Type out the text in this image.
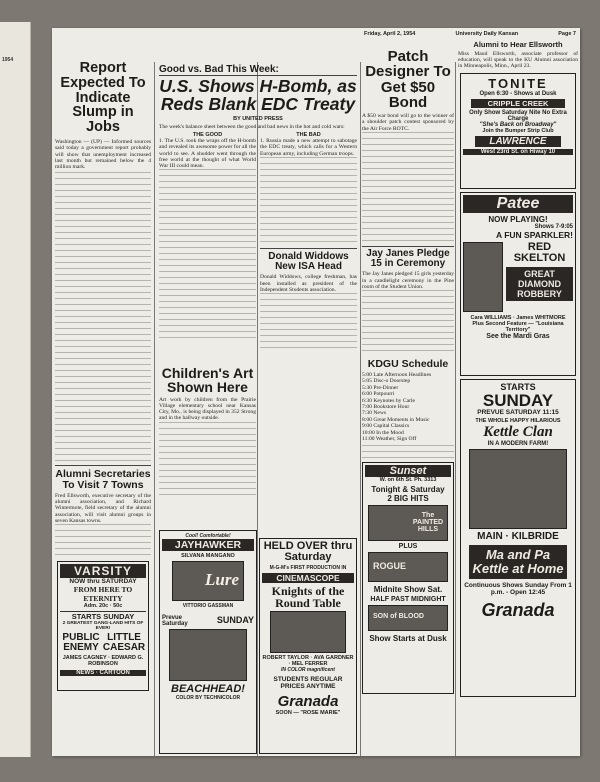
1954
Friday, April 2, 1954	University Daily Kansan	Page 7
Report Expected To Indicate Slump in Jobs

Washington — (UP) — Informed sources said today a government report probably will show that unemployment increased last month but remained below the 4 million mark.

Alumni Secretaries To Visit 7 Towns

Fred Ellsworth, executive secretary of the alumni association, and Richard Wintermote, field secretary of the alumni association, will visit alumni groups in seven Kansas towns.

VARSITY
NOW thru SATURDAY
FROM HERE TO ETERNITY
Adm. 20c · 50c
STARTS SUNDAY
2 GREATEST GANG-LAND HITS OF EVER!
PUBLIC ENEMY
LITTLE CAESAR
JAMES CAGNEY · EDWARD G. ROBINSON
NEWS · CARTOON
Good vs. Bad This Week:
U.S. Shows H-Bomb, as Reds Blank EDC Treaty
BY UNITED PRESS

The week's balance sheet between the good and bad news in the hot and cold wars:

THE GOOD

1. The U.S. took the wraps off the H-bomb and revealed its awesome power for all the world to see. A shudder went through the free world at the thought of what World War III could mean.

THE BAD

1. Russia made a new attempt to sabotage the EDC treaty, which calls for a Western European army, including German troops.

Donald Widdows New ISA Head

Donald Widdows, college freshman, has been installed as president of the Independent Students association.

Children's Art Shown Here

Art work by children from the Prairie Village elementary school near Kansas City, Mo., is being displayed in 352 Strong and in the hallway outside.

Cool! Comfortable!
JAYHAWKER
SILVANA MANGANO
Lure
VITTORIO GASSMAN
Prevue Saturday	SUNDAY
BEACHHEAD!
COLOR BY TECHNICOLOR
HELD OVER thru Saturday
M-G-M's FIRST PRODUCTION IN
CINEMASCOPE
Knights of the Round Table
ROBERT TAYLOR · AVA GARDNER · MEL FERRER
IN COLOR magnificent
STUDENTS REGULAR PRICES ANYTIME
Granada
SOON — "ROSE MARIE"
Patch Designer To Get $50 Bond

A $50 war bond will go to the winner of a shoulder patch contest sponsored by the Air Force ROTC.

Jay Janes Pledge 15 in Ceremony

The Jay Janes pledged 15 girls yesterday in a candlelight ceremony in the Pine room of the Student Union.

KDGU Schedule
5:00 Late Afternoon Headlines
5:05 Disc-o Doorstep
5:30 Pre-Dinner
6:00 Potpourri
6:30 Keynotes by Carle
7:00 Bookstore Hour
7:30 News
8:00 Great Moments in Music
9:00 Capital Classics
10:00 In the Mood
11:00 Weather, Sign Off
Sunset
W. on 6th St. Ph. 3313
Tonight & Saturday
2 BIG HITS
The PAINTED HILLS
PLUS
ROGUE
Midnite Show Sat.
HALF PAST MIDNIGHT
SON of BLOOD
Show Starts at Dusk
Alumni to Hear Ellsworth

Miss Maud Ellsworth, associate professor of education, will speak to the KU Alumni association in Minneapolis, Minn., April 23.

TONITE
Open 6:30 - Shows at Dusk
CRIPPLE CREEK
Only Show Saturday Nite No Extra Charge
"She's Back on Broadway"
Join the Bumper Strip Club
LAWRENCE
West 23rd St. on Hiway 10
Patee
NOW PLAYING!
Shows 7-9:05
A FUN SPARKLER!
RED SKELTON
GREAT DIAMOND ROBBERY
Cara WILLIAMS · James WHITMORE
Plus Second Feature — "Louisiana Territory"
See the Mardi Gras
STARTS
SUNDAY
PREVUE SATURDAY 11:15
THE WHOLE HAPPY HILARIOUS
Kettle Clan
IN A MODERN FARM!
MAIN · KILBRIDE
Ma and Pa Kettle at Home
Continuous Shows Sunday From 1 p.m. - Open 12:45
Granada
